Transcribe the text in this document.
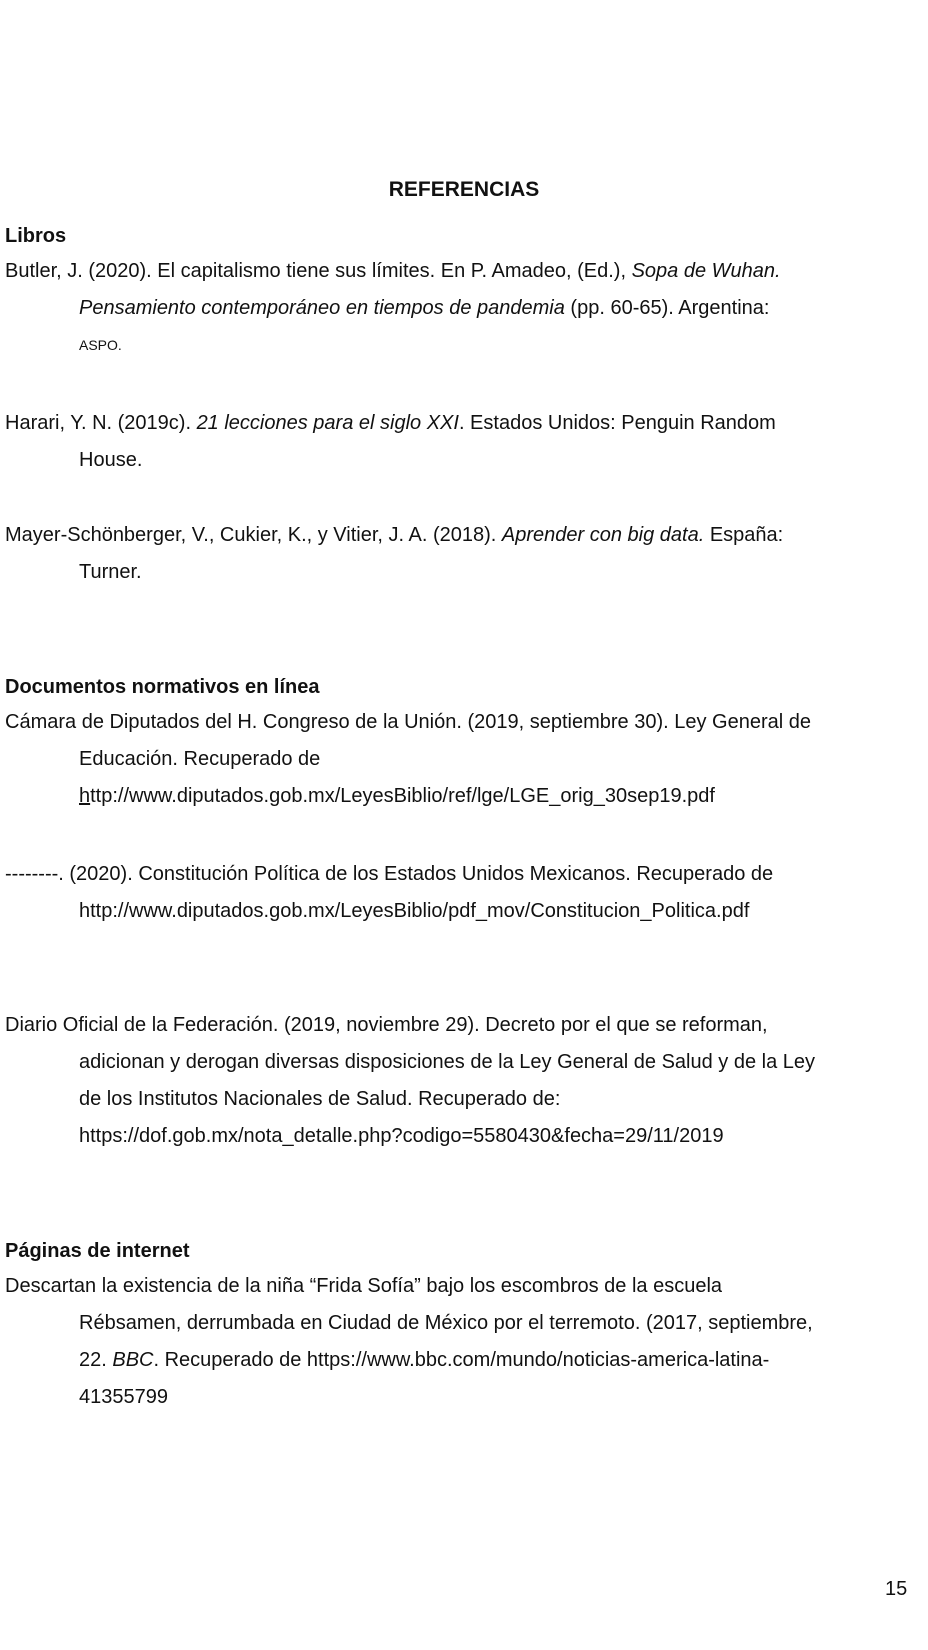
REFERENCIAS
Libros

Butler, J. (2020). El capitalismo tiene sus límites. En P. Amadeo, (Ed.), Sopa de Wuhan.
Pensamiento contemporáneo en tiempos de pandemia (pp. 60-65). Argentina:
ASPO.

Harari, Y. N. (2019c). 21 lecciones para el siglo XXI. Estados Unidos: Penguin Random
House.

Mayer-Schönberger, V., Cukier, K., y Vitier, J. A. (2018). Aprender con big data. España:
Turner.

Documentos normativos en línea

Cámara de Diputados del H. Congreso de la Unión. (2019, septiembre 30). Ley General de
Educación. Recuperado de
http://www.diputados.gob.mx/LeyesBiblio/ref/lge/LGE_orig_30sep19.pdf

--------. (2020). Constitución Política de los Estados Unidos Mexicanos. Recuperado de
http://www.diputados.gob.mx/LeyesBiblio/pdf_mov/Constitucion_Politica.pdf

Diario Oficial de la Federación. (2019, noviembre 29). Decreto por el que se reforman,
adicionan y derogan diversas disposiciones de la Ley General de Salud y de la Ley
de los Institutos Nacionales de Salud. Recuperado de:
https://dof.gob.mx/nota_detalle.php?codigo=5580430&fecha=29/11/2019

Páginas de internet

Descartan la existencia de la niña “Frida Sofía” bajo los escombros de la escuela
Rébsamen, derrumbada en Ciudad de México por el terremoto. (2017, septiembre,
22. BBC. Recuperado de https://www.bbc.com/mundo/noticias-america-latina-
41355799

15
